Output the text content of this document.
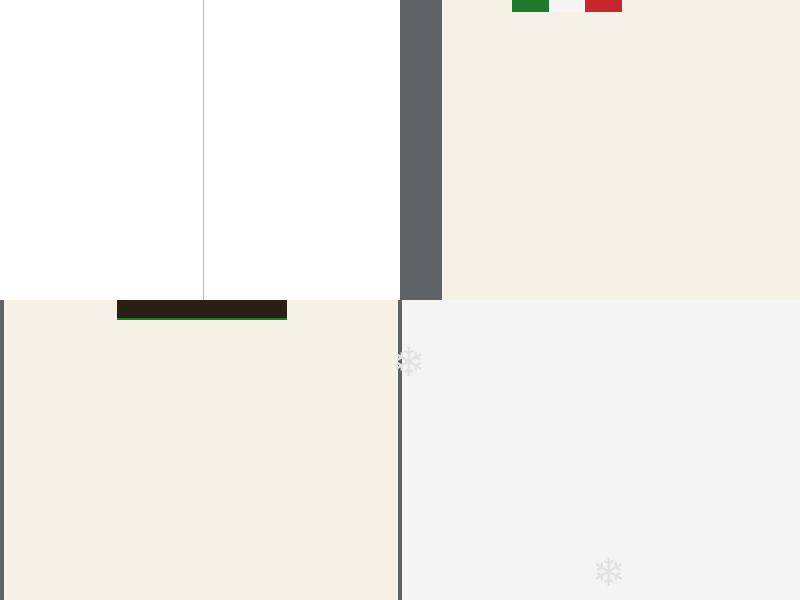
❄
❄
